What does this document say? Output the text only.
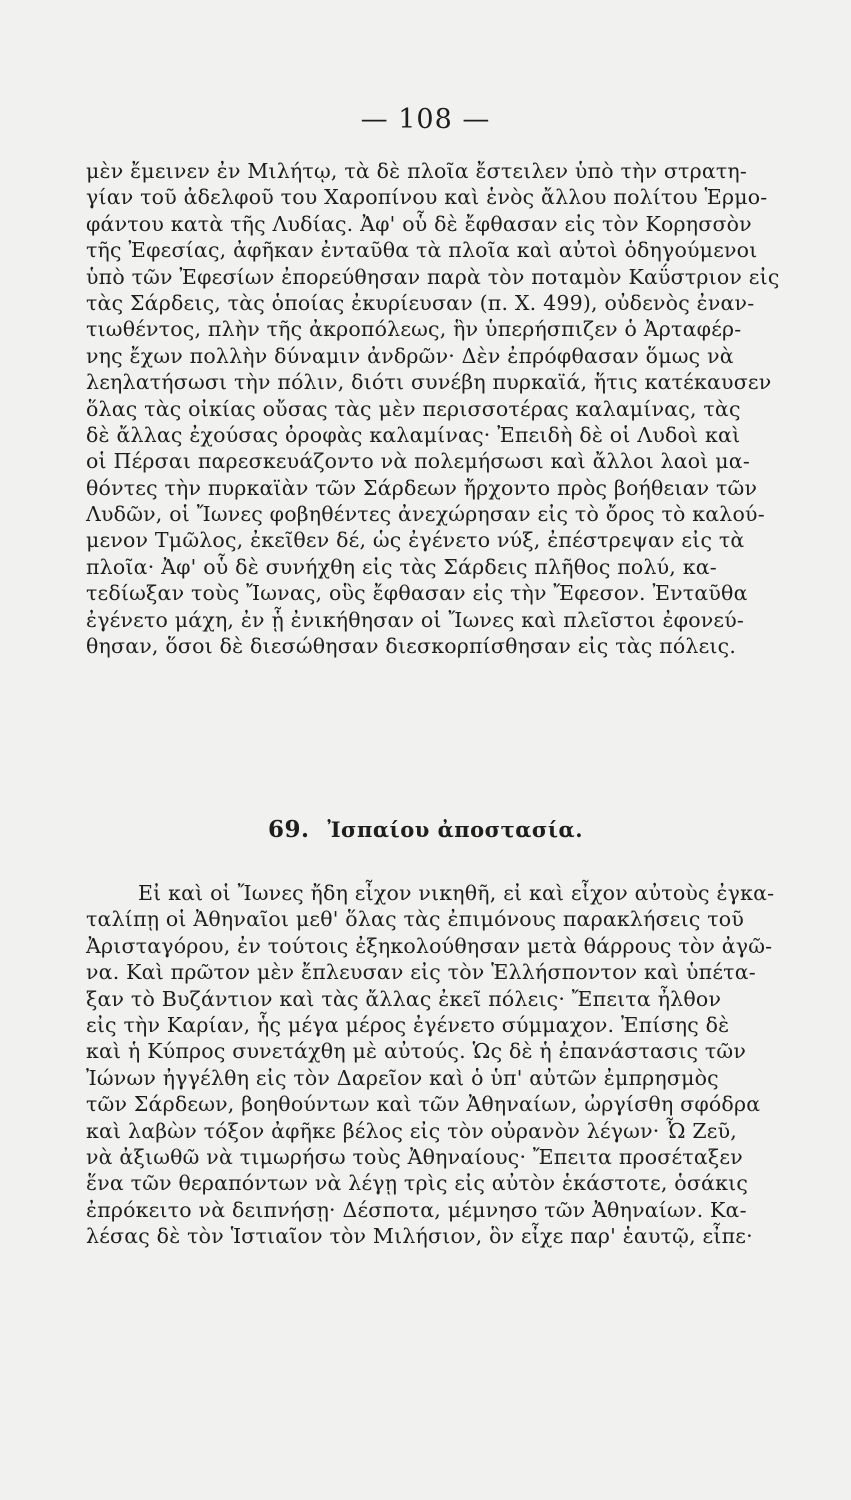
— 108 —
μὲν ἔμεινεν ἐν Μιλήτῳ, τὰ δὲ πλοῖα ἔστειλεν ὑπὸ τὴν στρατη-
γίαν τοῦ ἀδελφοῦ του Χαροπίνου καὶ ἑνὸς ἄλλου πολίτου Ἑρμο-
φάντου κατὰ τῆς Λυδίας. Ἀφ' οὗ δὲ ἔφθασαν εἰς τὸν Κορησσὸν
τῆς Ἐφεσίας, ἀφῆκαν ἐνταῦθα τὰ πλοῖα καὶ αὐτοὶ ὁδηγούμενοι
ὑπὸ τῶν Ἐφεσίων ἐπορεύθησαν παρὰ τὸν ποταμὸν Καΰστριον εἰς
τὰς Σάρδεις, τὰς ὁποίας ἐκυρίευσαν (π. Χ. 499), οὐδενὸς ἐναν-
τιωθέντος, πλὴν τῆς ἀκροπόλεως, ἣν ὑπερήσπιζεν ὁ Ἀρταφέρ-
νης ἔχων πολλὴν δύναμιν ἀνδρῶν· Δὲν ἐπρόφθασαν ὅμως νὰ
λεηλατήσωσι τὴν πόλιν, διότι συνέβη πυρκαϊά, ἥτις κατέκαυσεν
ὅλας τὰς οἰκίας οὔσας τὰς μὲν περισσοτέρας καλαμίνας, τὰς
δὲ ἄλλας ἐχούσας ὀροφὰς καλαμίνας· Ἐπειδὴ δὲ οἱ Λυδοὶ καὶ
οἱ Πέρσαι παρεσκευάζοντο νὰ πολεμήσωσι καὶ ἄλλοι λαοὶ μα-
θόντες τὴν πυρκαϊὰν τῶν Σάρδεων ἤρχοντο πρὸς βοήθειαν τῶν
Λυδῶν, οἱ Ἴωνες φοβηθέντες ἀνεχώρησαν εἰς τὸ ὄρος τὸ καλού-
μενον Τμῶλος, ἐκεῖθεν δέ, ὡς ἐγένετο νύξ, ἐπέστρεψαν εἰς τὰ
πλοῖα· Ἀφ' οὗ δὲ συνήχθη εἰς τὰς Σάρδεις πλῆθος πολύ, κα-
τεδίωξαν τοὺς Ἴωνας, οὓς ἔφθασαν εἰς τὴν Ἔφεσον. Ἐνταῦθα
ἐγένετο μάχη, ἐν ᾗ ἐνικήθησαν οἱ Ἴωνες καὶ πλεῖστοι ἐφονεύ-
θησαν, ὅσοι δὲ διεσώθησαν διεσκορπίσθησαν εἰς τὰς πόλεις.
69. Ἰσπαίου ἀποστασία.
Εἰ καὶ οἱ Ἴωνες ἤδη εἶχον νικηθῆ, εἰ καὶ εἶχον αὐτοὺς ἐγκα-
ταλίπῃ οἱ Ἀθηναῖοι μεθ' ὅλας τὰς ἐπιμόνους παρακλήσεις τοῦ
Ἀρισταγόρου, ἐν τούτοις ἐξηκολούθησαν μετὰ θάρρους τὸν ἀγῶ-
να. Καὶ πρῶτον μὲν ἔπλευσαν εἰς τὸν Ἑλλήσποντον καὶ ὑπέτα-
ξαν τὸ Βυζάντιον καὶ τὰς ἄλλας ἐκεῖ πόλεις· Ἔπειτα ἦλθον
εἰς τὴν Καρίαν, ἧς μέγα μέρος ἐγένετο σύμμαχον. Ἐπίσης δὲ
καὶ ἡ Κύπρος συνετάχθη μὲ αὐτούς. Ὡς δὲ ἡ ἐπανάστασις τῶν
Ἰώνων ἠγγέλθη εἰς τὸν Δαρεῖον καὶ ὁ ὑπ' αὐτῶν ἐμπρησμὸς
τῶν Σάρδεων, βοηθούντων καὶ τῶν Ἀθηναίων, ὠργίσθη σφόδρα
καὶ λαβὼν τόξον ἀφῆκε βέλος εἰς τὸν οὐρανὸν λέγων· Ὦ Ζεῦ,
νὰ ἀξιωθῶ νὰ τιμωρήσω τοὺς Ἀθηναίους· Ἔπειτα προσέταξεν
ἕνα τῶν θεραπόντων νὰ λέγῃ τρὶς εἰς αὐτὸν ἑκάστοτε, ὁσάκις
ἐπρόκειτο νὰ δειπνήσῃ· Δέσποτα, μέμνησο τῶν Ἀθηναίων. Κα-
λέσας δὲ τὸν Ἱστιαῖον τὸν Μιλήσιον, ὃν εἶχε παρ' ἑαυτῷ, εἶπε·
